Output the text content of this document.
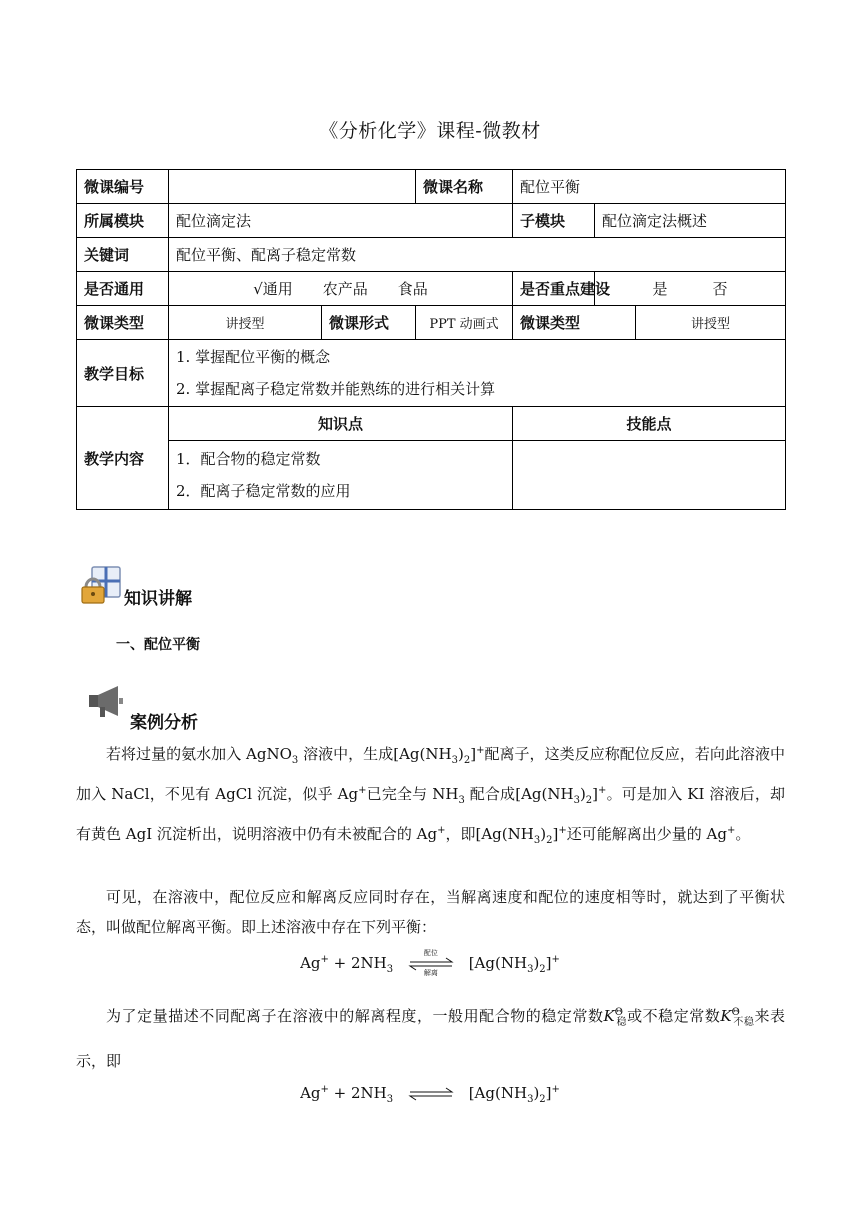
《分析化学》课程-微教材
微课编号			微课名称	配位平衡		
所属模块	配位滴定法			子模块	配位滴定法概述	
关键词	配位平衡、配离子稳定常数					
是否通用	√通用　　农产品　　食品			是否重点建设	是　　　否	
微课类型	讲授型	微课形式	PPT 动画式	微课类型		讲授型
教学目标	1. 掌握配位平衡的概念
2. 掌握配离子稳定常数并能熟练的进行相关计算					

教学内容	知识点			技能点		

	1．配合物的稳定常数
2．配离子稳定常数的应用					

知识讲解
一、配位平衡
案例分析
若将过量的氨水加入 AgNO$_3$ 溶液中，生成$[Ag(NH_3)_2]^+$配离子，这类反应称配位反应，若向此溶液中加入 NaCl，不见有 AgCl 沉淀，似乎 Ag+已完全与 $NH_3$ 配合成$[Ag(NH_3)_2]^+$。可是加入 KI 溶液后，却有黄色 AgI 沉淀析出，说明溶液中仍有未被配合的 Ag+，即$[Ag(NH_3)_2]^+$还可能解离出少量的 Ag+。
可见，在溶液中，配位反应和解离反应同时存在，当解离速度和配位的速度相等时，就达到了平衡状态，叫做配位解离平衡。即上述溶液中存在下列平衡：
$Ag^+ + 2NH_3$
配位
解离
$[Ag(NH_3)_2]^+$
为了定量描述不同配离子在溶液中的解离程度，一般用配合物的稳定常数$K^\Theta_稳$或不稳定常数$K^\Theta_{不稳}$来表示，即
$Ag^+ + 2NH_3$ ⇌ $[Ag(NH_3)_2]^+$
